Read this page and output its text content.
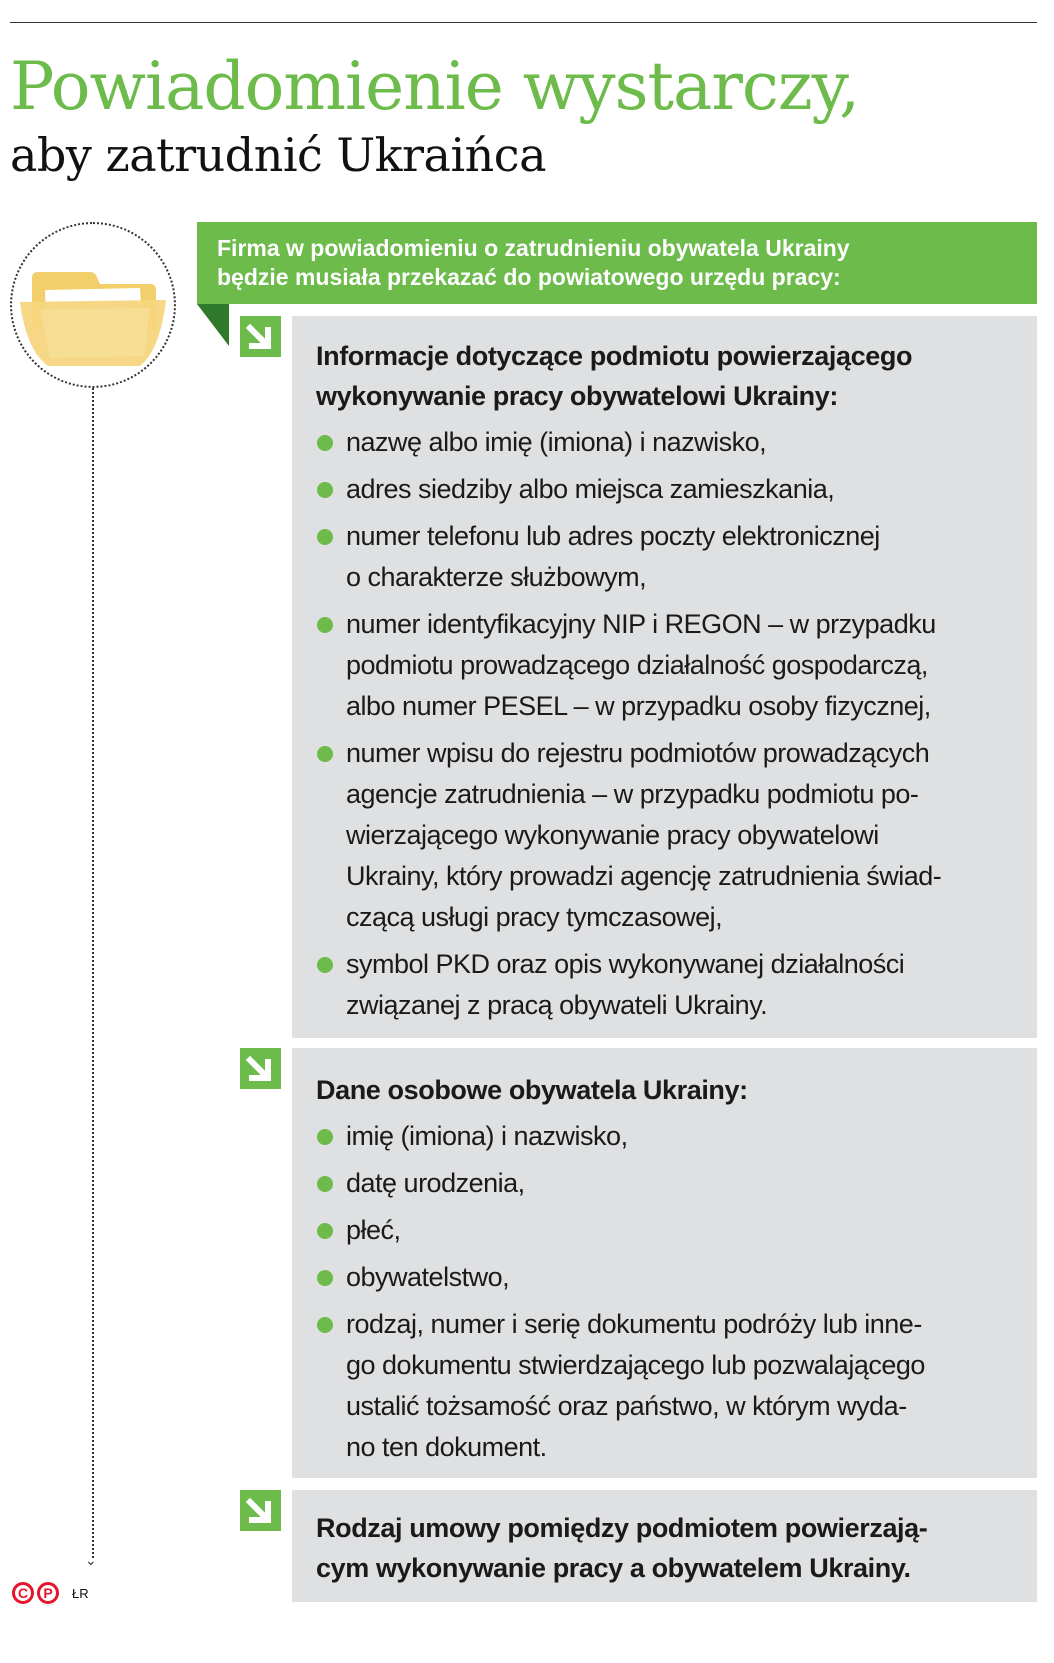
Powiadomienie wystarczy,
aby zatrudnić Ukraińca
⌄
Firma w powiadomieniu o zatrudnieniu obywatela Ukrainy
będzie musiała przekazać do powiatowego urzędu pracy:
Informacje dotyczące podmiotu powierzającego
wykonywanie pracy obywatelowi Ukrainy:
nazwę albo imię (imiona) i nazwisko,
adres siedziby albo miejsca zamieszkania,
numer telefonu lub adres poczty elektronicznej
o charakterze służbowym,
numer identyfikacyjny NIP i REGON – w przypadku
podmiotu prowadzącego działalność gospodarczą,
albo numer PESEL – w przypadku osoby fizycznej,
numer wpisu do rejestru podmiotów prowadzących
agencje zatrudnienia – w przypadku podmiotu po-
wierzającego wykonywanie pracy obywatelowi
Ukrainy, który prowadzi agencję zatrudnienia świad-
czącą usługi pracy tymczasowej,
symbol PKD oraz opis wykonywanej działalności
związanej z pracą obywateli Ukrainy.
Dane osobowe obywatela Ukrainy:
imię (imiona) i nazwisko,
datę urodzenia,
płeć,
obywatelstwo,
rodzaj, numer i serię dokumentu podróży lub inne-
go dokumentu stwierdzającego lub pozwalającego
ustalić tożsamość oraz państwo, w którym wyda-
no ten dokument.
Rodzaj umowy pomiędzy podmiotem powierzają-
cym wykonywanie pracy a obywatelem Ukrainy.
C	P	ŁR
